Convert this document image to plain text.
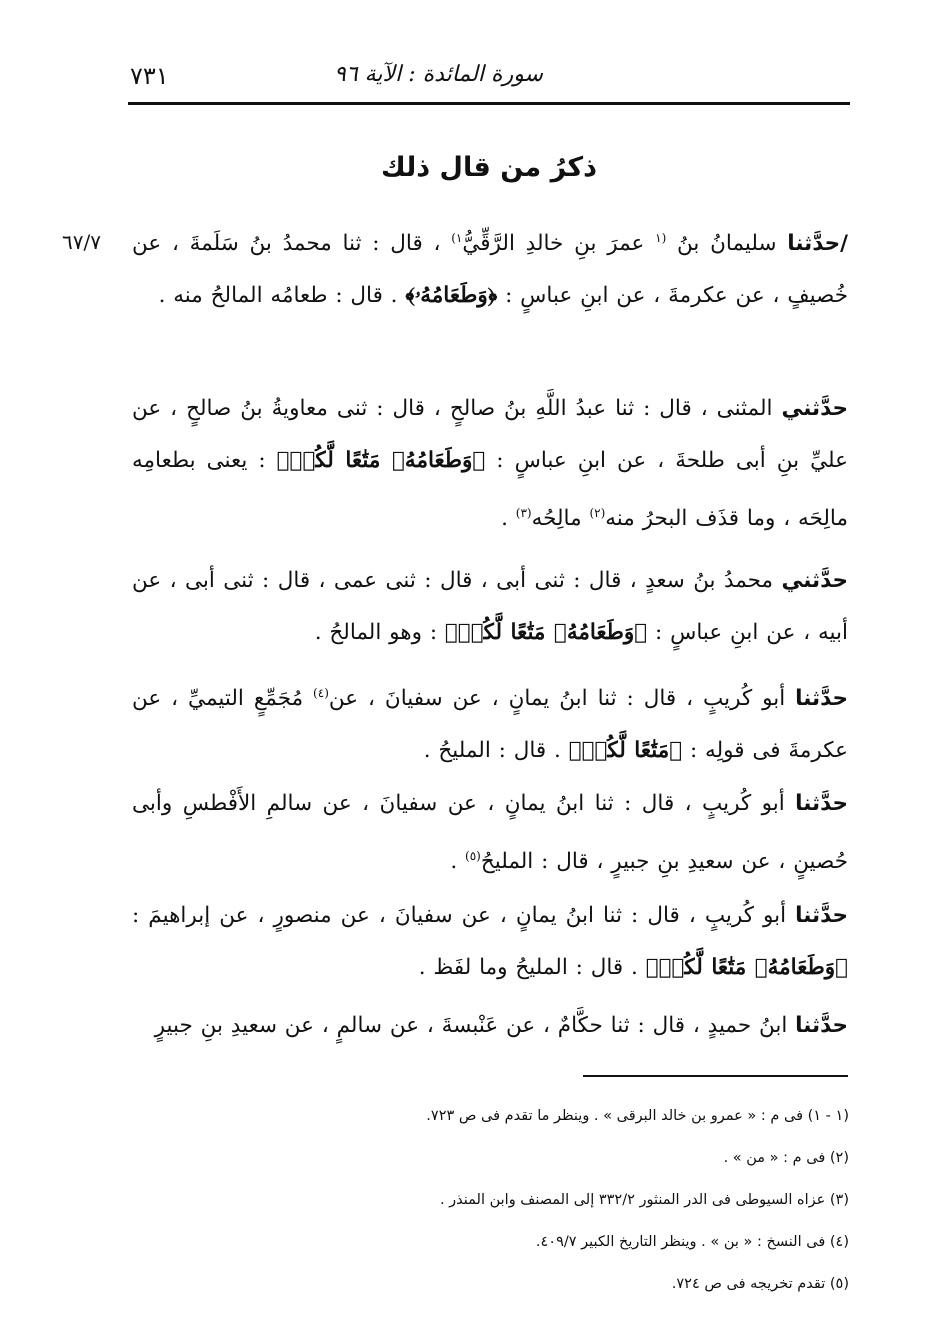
سورة المائدة : الآية ٩٦
٧٣١
ذكرُ من قال ذلك
٦٧/٧	/حدَّثنا سليمانُ بنُ $^{(١}$ عمرَ بنِ خالدِ الرَّقِّيُّ$^{١)}$ ، قال : ثنا محمدُ بنُ سَلَمةَ ، عن خُصيفٍ ، عن عكرمةَ ، عن ابنِ عباسٍ : ﴿وَطَعَامُهُۥ﴾ . قال : طعامُه المالحُ منه .
حدَّثني المثنى ، قال : ثنا عبدُ اللَّهِ بنُ صالحٍ ، قال : ثنى معاويةُ بنُ صالحٍ ، عن عليِّ بنِ أبى طلحةَ ، عن ابنِ عباسٍ : ﴿وَطَعَامُهُۥ مَتَٰعًا لَّكُمۡ﴾ : يعنى بطعامِه مالِحَه ، وما قذَف البحرُ منه$^{(٢)}$ مالِحُه$^{(٣)}$ .
حدَّثني محمدُ بنُ سعدٍ ، قال : ثنى أبى ، قال : ثنى عمى ، قال : ثنى أبى ، عن أبيه ، عن ابنِ عباسٍ : ﴿وَطَعَامُهُۥ مَتَٰعًا لَّكُمۡ﴾ : وهو المالحُ .
حدَّثنا أبو كُريبٍ ، قال : ثنا ابنُ يمانٍ ، عن سفيانَ ، عن$^{(٤)}$ مُجَمِّعٍ التيميِّ ، عن عكرمةَ فى قولِه : ﴿مَتَٰعًا لَّكُمۡ﴾ . قال : المليحُ .
حدَّثنا أبو كُريبٍ ، قال : ثنا ابنُ يمانٍ ، عن سفيانَ ، عن سالمِ الأَفْطسِ وأبى حُصينٍ ، عن سعيدِ بنِ جبيرٍ ، قال : المليحُ$^{(٥)}$ .
حدَّثنا أبو كُريبٍ ، قال : ثنا ابنُ يمانٍ ، عن سفيانَ ، عن منصورٍ ، عن إبراهيمَ : ﴿وَطَعَامُهُۥ مَتَٰعًا لَّكُمۡ﴾ . قال : المليحُ وما لفَظ .
حدَّثنا ابنُ حميدٍ ، قال : ثنا حكَّامٌ ، عن عَنْبسةَ ، عن سالمٍ ، عن سعيدِ بنِ جبيرٍ
(١ - ١) فى م : « عمرو بن خالد البرقى » . وينظر ما تقدم فى ص ٧٢٣.
(٢) فى م : « من » .
(٣) عزاه السيوطى فى الدر المنثور ٣٣٢/٢ إلى المصنف وابن المنذر .
(٤) فى النسخ : « بن » . وينظر التاريخ الكبير ٤٠٩/٧.
(٥) تقدم تخريجه فى ص ٧٢٤.
